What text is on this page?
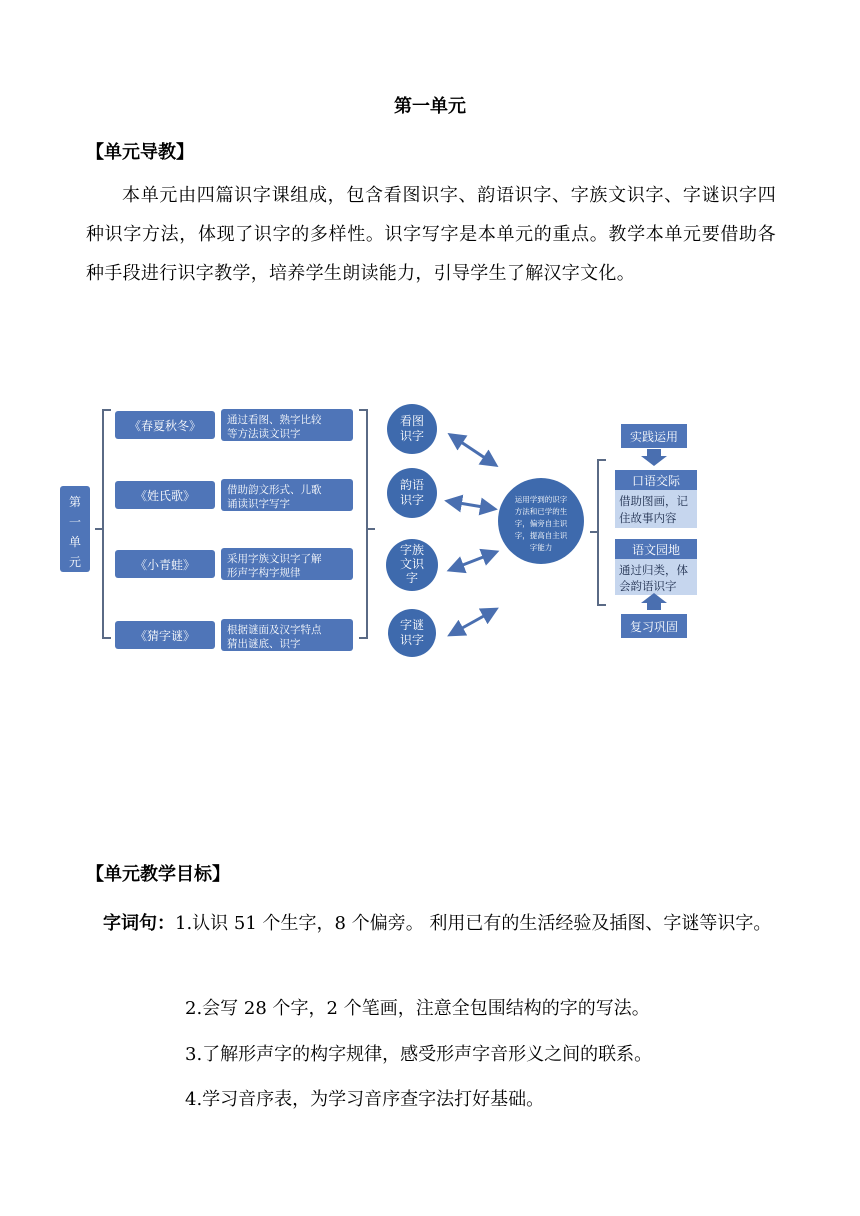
第一单元
【单元导教】
本单元由四篇识字课组成，包含看图识字、韵语识字、字族文识字、字谜识字四种识字方法，体现了识字的多样性。识字写字是本单元的重点。教学本单元要借助各种手段进行识字教学，培养学生朗读能力，引导学生了解汉字文化。
第
一
单
元
《春夏秋冬》 通过看图、熟字比较
等方法读文识字
《姓氏歌》	借助韵文形式、儿歌
诵读识字写字
《小青蛙》	采用字族文识字了解
形声字构字规律
《猜字谜》	根据谜面及汉字特点
猜出谜底、识字
看图
识字
韵语
识字
字族
文识
字
字谜
识字
运用学到的识字
方法和已学的生
字，偏旁自主识
字，提高自主识
字能力
实践运用
口语交际
借助图画，记
住故事内容
语文园地
通过归类，体
会韵语识字
复习巩固
【单元教学目标】
字词句：1.认识 51 个生字，8 个偏旁。 利用已有的生活经验及插图、字谜等识字。
2.会写 28 个字，2 个笔画，注意全包围结构的字的写法。
3.了解形声字的构字规律，感受形声字音形义之间的联系。
4.学习音序表，为学习音序查字法打好基础。
